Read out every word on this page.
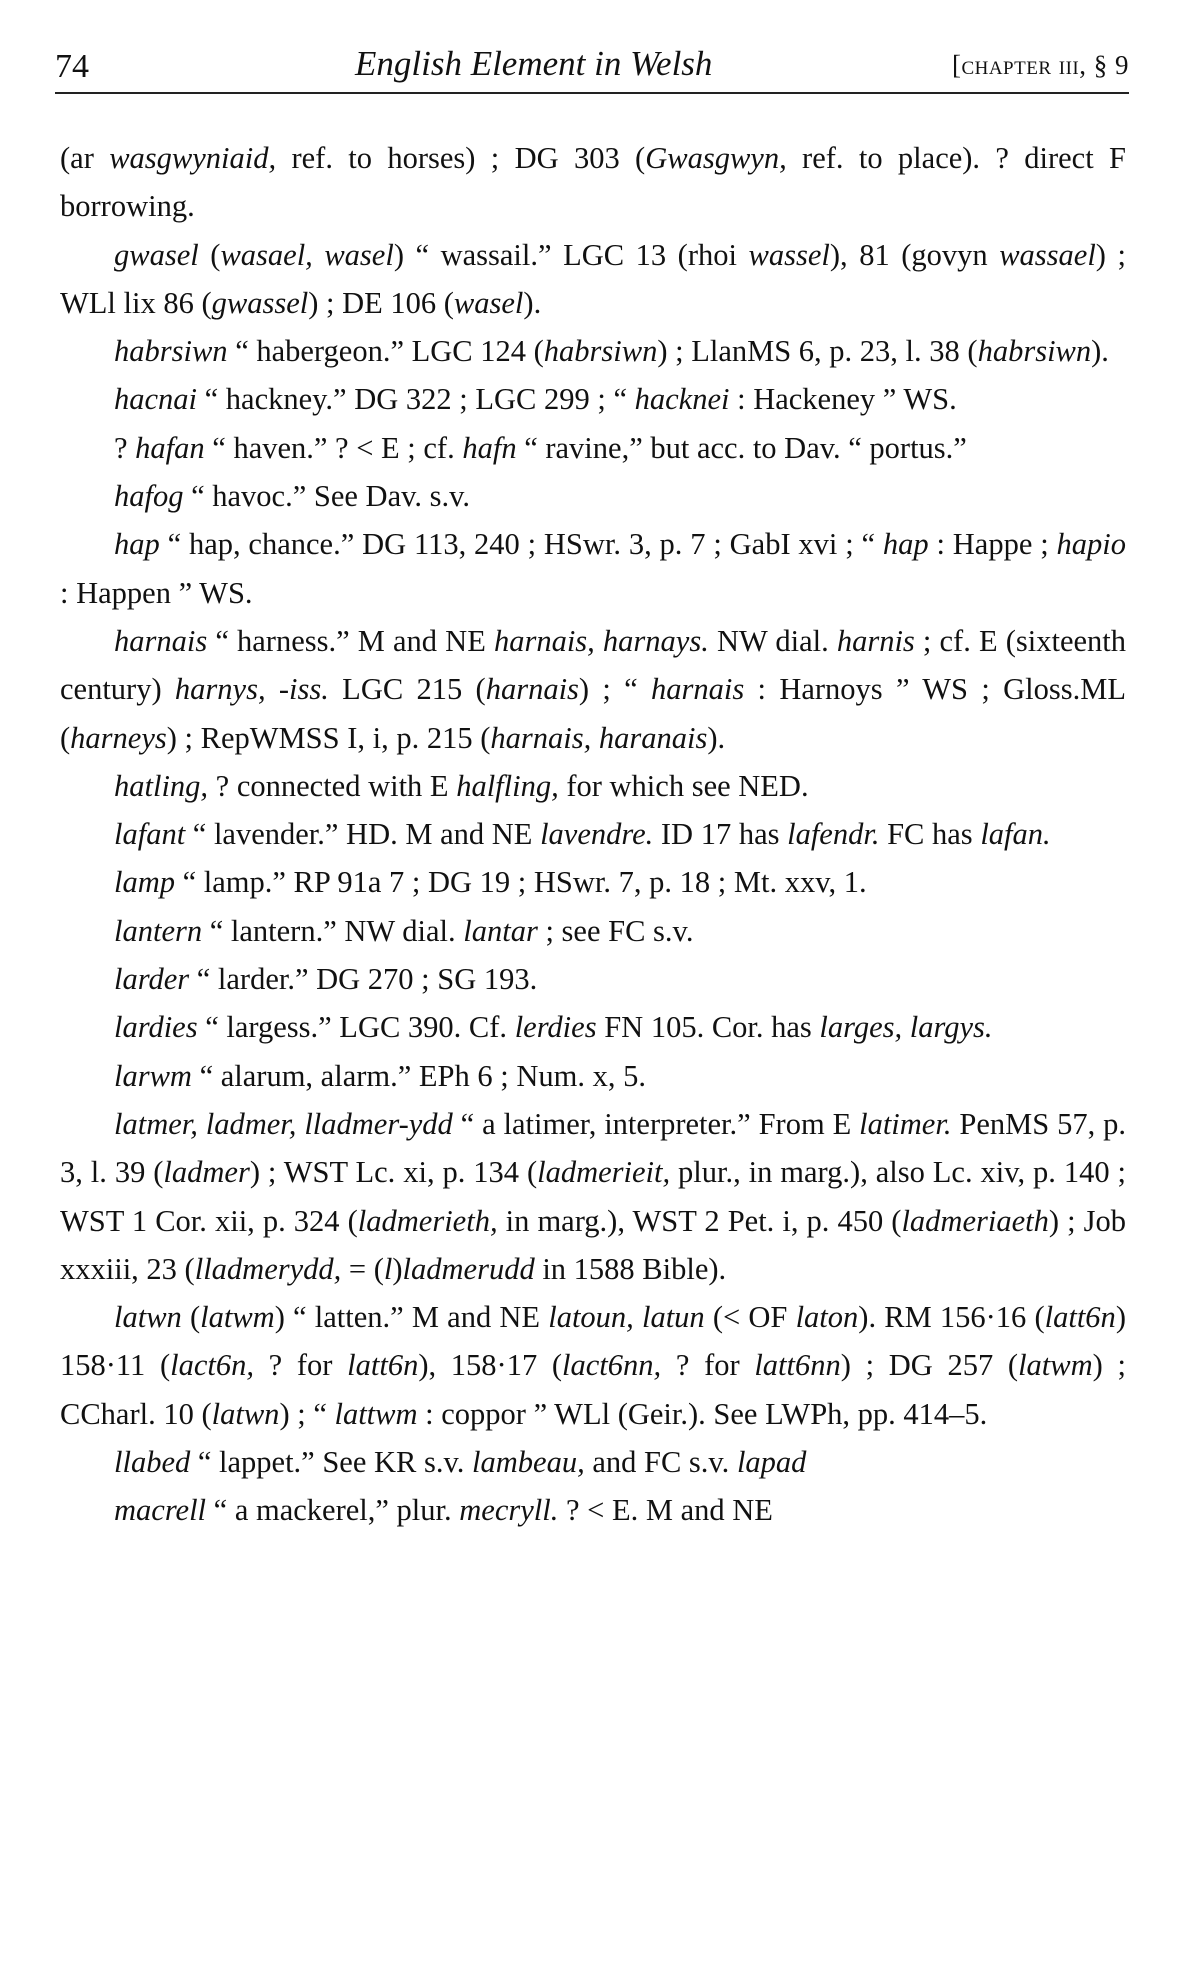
74	English Element in Welsh	[chapter iii, § 9

(ar wasgwyniaid, ref. to horses) ; DG 303 (Gwasgwyn, ref. to place). ? direct F borrowing.

gwasel (wasael, wasel) “ wassail.” LGC 13 (rhoi wassel), 81 (govyn wassael) ; WLl lix 86 (gwassel) ; DE 106 (wasel).

habrsiwn “ habergeon.” LGC 124 (habrsiwn) ; LlanMS 6, p. 23, l. 38 (habrsiwn).

hacnai “ hackney.” DG 322 ; LGC 299 ; “ hacknei : Hackeney ” WS.

? hafan “ haven.” ? < E ; cf. hafn “ ravine,” but acc. to Dav. “ portus.”

hafog “ havoc.” See Dav. s.v.

hap “ hap, chance.” DG 113, 240 ; HSwr. 3, p. 7 ; GabI xvi ; “ hap : Happe ; hapio : Happen ” WS.

harnais “ harness.” M and NE harnais, harnays. NW dial. harnis ; cf. E (sixteenth century) harnys, -iss. LGC 215 (harnais) ; “ harnais : Harnoys ” WS ; Gloss.ML (harneys) ; RepWMSS I, i, p. 215 (harnais, haranais).

hatling, ? connected with E halfling, for which see NED.

lafant “ lavender.” HD. M and NE lavendre. ID 17 has lafendr. FC has lafan.

lamp “ lamp.” RP 91a 7 ; DG 19 ; HSwr. 7, p. 18 ; Mt. xxv, 1.

lantern “ lantern.” NW dial. lantar ; see FC s.v.

larder “ larder.” DG 270 ; SG 193.

lardies “ largess.” LGC 390. Cf. lerdies FN 105. Cor. has larges, largys.

larwm “ alarum, alarm.” EPh 6 ; Num. x, 5.

latmer, ladmer, lladmer-ydd “ a latimer, interpreter.” From E latimer. PenMS 57, p. 3, l. 39 (ladmer) ; WST Lc. xi, p. 134 (ladmerieit, plur., in marg.), also Lc. xiv, p. 140 ; WST 1 Cor. xii, p. 324 (ladmerieth, in marg.), WST 2 Pet. i, p. 450 (ladmeriaeth) ; Job xxxiii, 23 (lladmerydd, = (l)ladmerudd in 1588 Bible).

latwn (latwm) “ latten.” M and NE latoun, latun (< OF laton). RM 156·16 (latt6n) 158·11 (lact6n, ? for latt6n), 158·17 (lact6nn, ? for latt6nn) ; DG 257 (latwm) ; CCharl. 10 (latwn) ; “ lattwm : coppor ” WLl (Geir.). See LWPh, pp. 414–5.

llabed “ lappet.” See KR s.v. lambeau, and FC s.v. lapad

macrell “ a mackerel,” plur. mecryll. ? < E. M and NE
